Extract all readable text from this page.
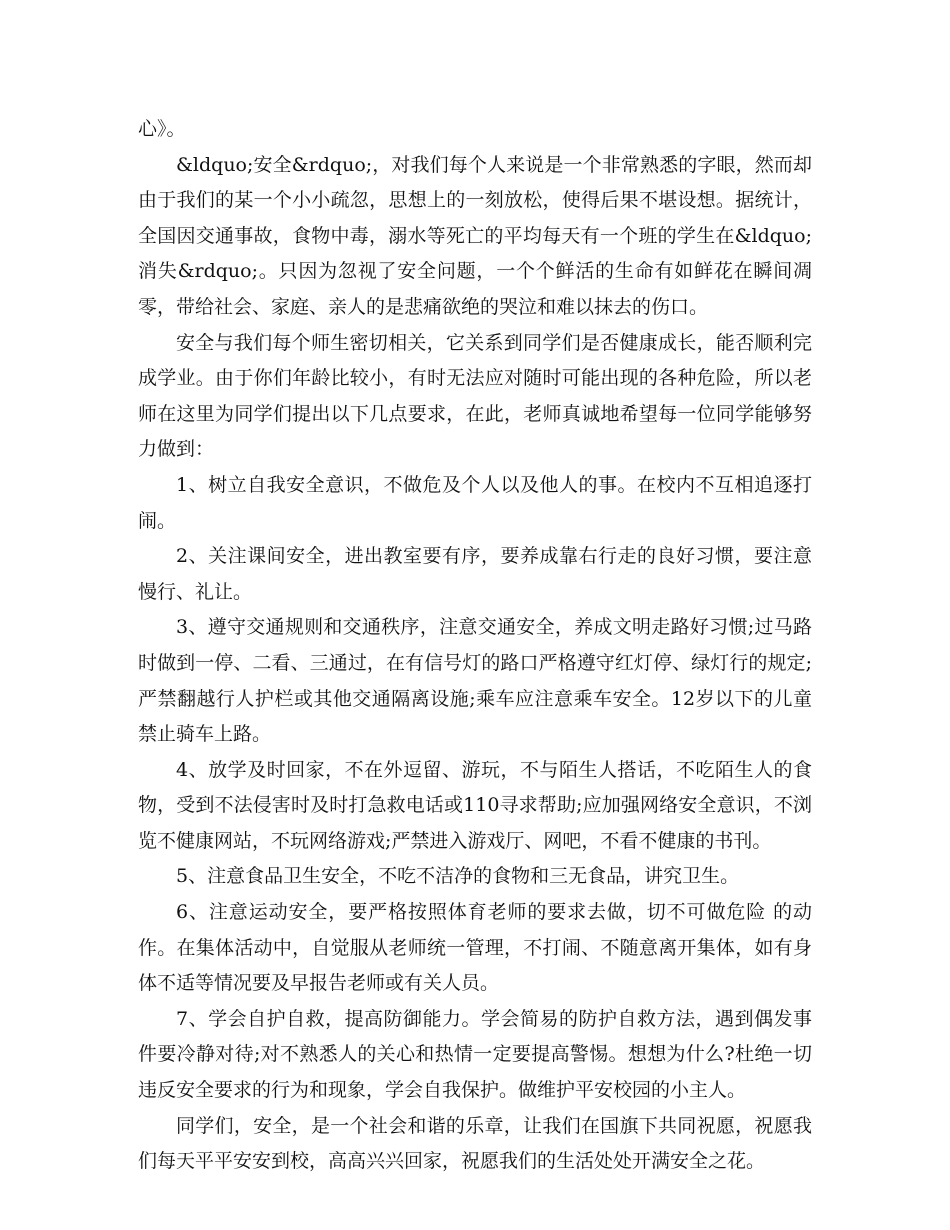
心》。

&ldquo;安全&rdquo;，对我们每个人来说是一个非常熟悉的字眼，然而却由于我们的某一个小小疏忽，思想上的一刻放松，使得后果不堪设想。据统计，全国因交通事故，食物中毒，溺水等死亡的平均每天有一个班的学生在&ldquo;消失&rdquo;。只因为忽视了安全问题，一个个鲜活的生命有如鲜花在瞬间凋零，带给社会、家庭、亲人的是悲痛欲绝的哭泣和难以抹去的伤口。

安全与我们每个师生密切相关，它关系到同学们是否健康成长，能否顺利完成学业。由于你们年龄比较小，有时无法应对随时可能出现的各种危险，所以老师在这里为同学们提出以下几点要求，在此，老师真诚地希望每一位同学能够努力做到：

1、树立自我安全意识，不做危及个人以及他人的事。在校内不互相追逐打闹。

2、关注课间安全，进出教室要有序，要养成靠右行走的良好习惯，要注意慢行、礼让。

3、遵守交通规则和交通秩序，注意交通安全，养成文明走路好习惯;过马路时做到一停、二看、三通过，在有信号灯的路口严格遵守红灯停、绿灯行的规定;严禁翻越行人护栏或其他交通隔离设施;乘车应注意乘车安全。12岁以下的儿童禁止骑车上路。

4、放学及时回家，不在外逗留、游玩，不与陌生人搭话，不吃陌生人的食物，受到不法侵害时及时打急救电话或110寻求帮助;应加强网络安全意识，不浏览不健康网站，不玩网络游戏;严禁进入游戏厅、网吧，不看不健康的书刊。

5、注意食品卫生安全，不吃不洁净的食物和三无食品，讲究卫生。

6、注意运动安全，要严格按照体育老师的要求去做，切不可做危险 的动作。在集体活动中，自觉服从老师统一管理，不打闹、不随意离开集体，如有身体不适等情况要及早报告老师或有关人员。

7、学会自护自救，提高防御能力。学会简易的防护自救方法，遇到偶发事件要冷静对待;对不熟悉人的关心和热情一定要提高警惕。想想为什么?杜绝一切违反安全要求的行为和现象，学会自我保护。做维护平安校园的小主人。

同学们，安全，是一个社会和谐的乐章，让我们在国旗下共同祝愿，祝愿我们每天平平安安到校，高高兴兴回家，祝愿我们的生活处处开满安全之花。
